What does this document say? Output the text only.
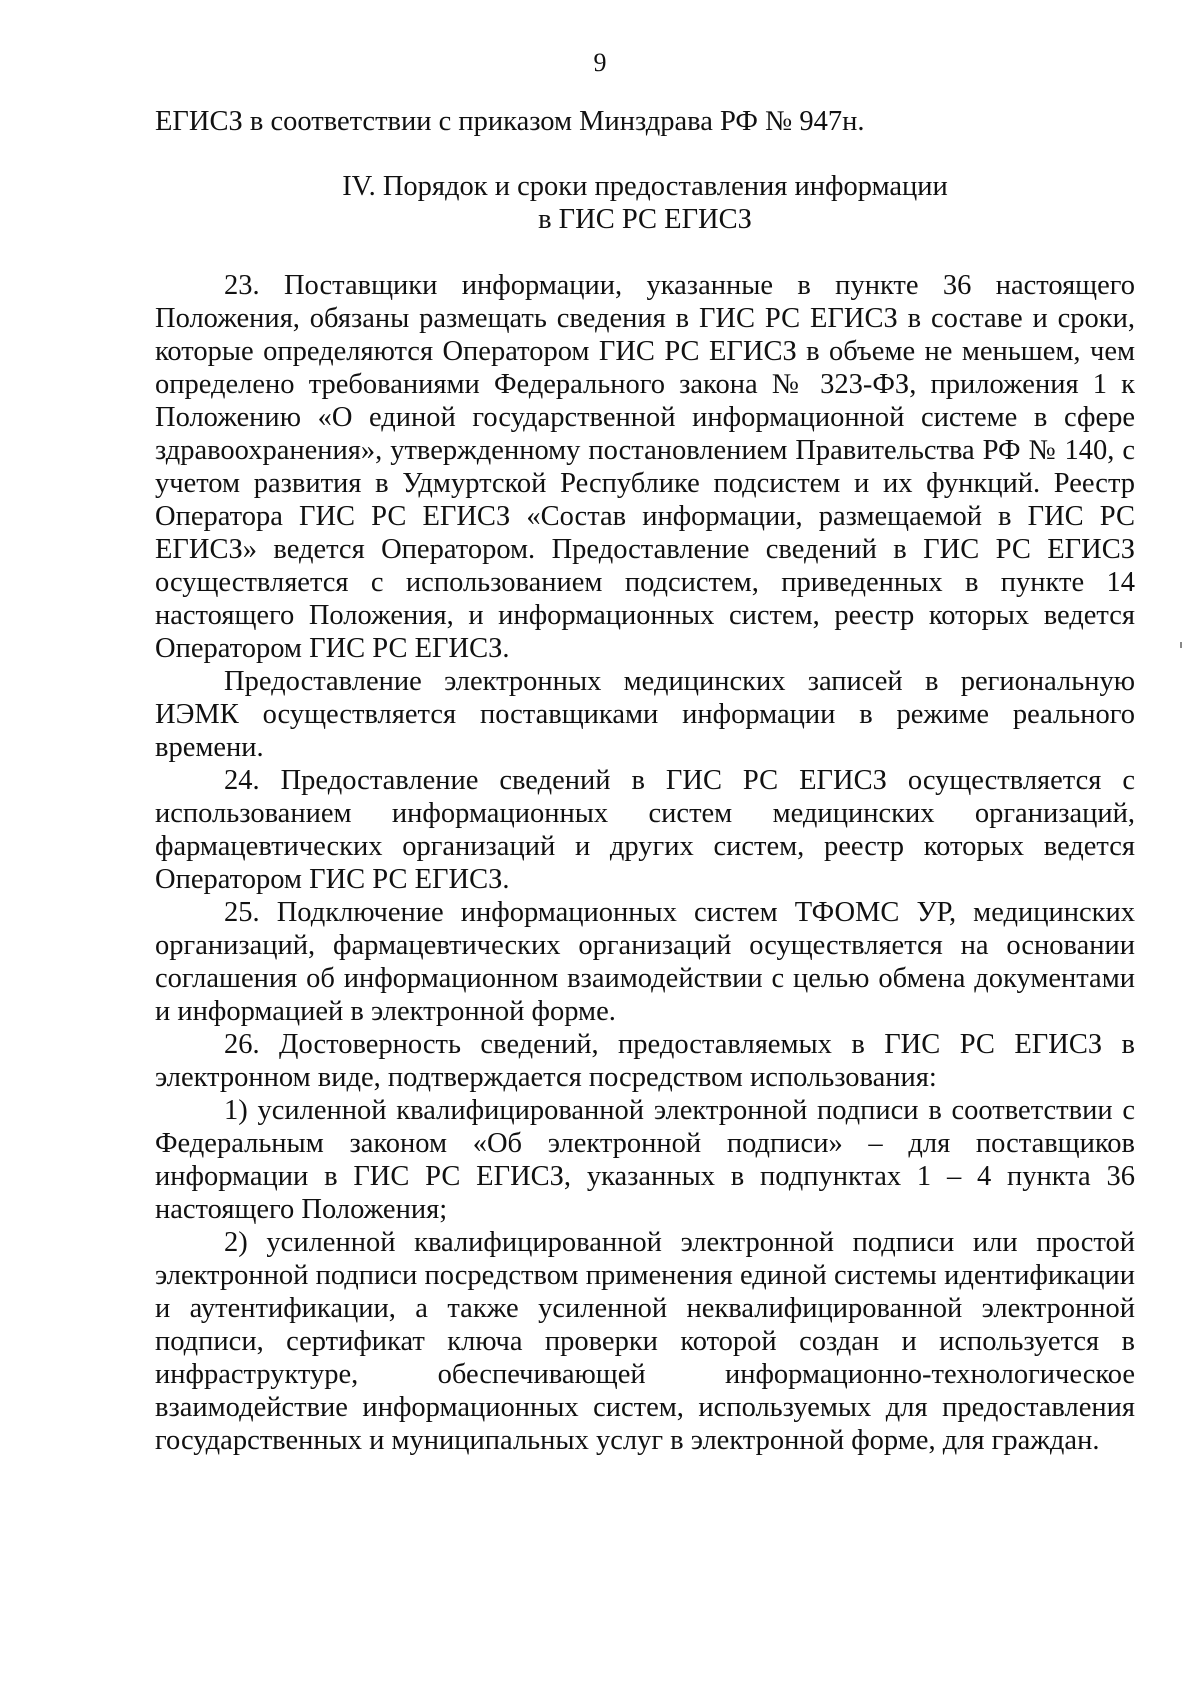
9

ЕГИСЗ в соответствии с приказом Минздрава РФ № 947н.

IV. Порядок и сроки предоставления информации
в ГИС РС ЕГИСЗ

23. Поставщики информации, указанные в пункте 36 настоящего Положения, обязаны размещать сведения в ГИС РС ЕГИСЗ в составе и сроки, которые определяются Оператором ГИС РС ЕГИСЗ в объеме не меньшем, чем определено требованиями Федерального закона № 323-ФЗ, приложения 1 к Положению «О единой государственной информационной системе в сфере здравоохранения», утвержденному постановлением Правительства РФ № 140, с учетом развития в Удмуртской Республике подсистем и их функций. Реестр Оператора ГИС РС ЕГИСЗ «Состав информации, размещаемой в ГИС РС ЕГИСЗ» ведется Оператором. Предоставление сведений в ГИС РС ЕГИСЗ осуществляется с использованием подсистем, приведенных в пункте 14 настоящего Положения, и информационных систем, реестр которых ведется Оператором ГИС РС ЕГИСЗ.

Предоставление электронных медицинских записей в региональную ИЭМК осуществляется поставщиками информации в режиме реального времени.

24. Предоставление сведений в ГИС РС ЕГИСЗ осуществляется с использованием информационных систем медицинских организаций, фармацевтических организаций и других систем, реестр которых ведется Оператором ГИС РС ЕГИСЗ.

25. Подключение информационных систем ТФОМС УР, медицинских организаций, фармацевтических организаций осуществляется на основании соглашения об информационном взаимодействии с целью обмена документами и информацией в электронной форме.

26. Достоверность сведений, предоставляемых в ГИС РС ЕГИСЗ в электронном виде, подтверждается посредством использования:

1) усиленной квалифицированной электронной подписи в соответствии с Федеральным законом «Об электронной подписи» – для поставщиков информации в ГИС РС ЕГИСЗ, указанных в подпунктах 1 – 4 пункта 36 настоящего Положения;

2) усиленной квалифицированной электронной подписи или простой электронной подписи посредством применения единой системы идентификации и аутентификации, а также усиленной неквалифицированной электронной подписи, сертификат ключа проверки которой создан и используется в инфраструктуре, обеспечивающей информационно-технологическое взаимодействие информационных систем, используемых для предоставления государственных и муниципальных услуг в электронной форме, для граждан.
